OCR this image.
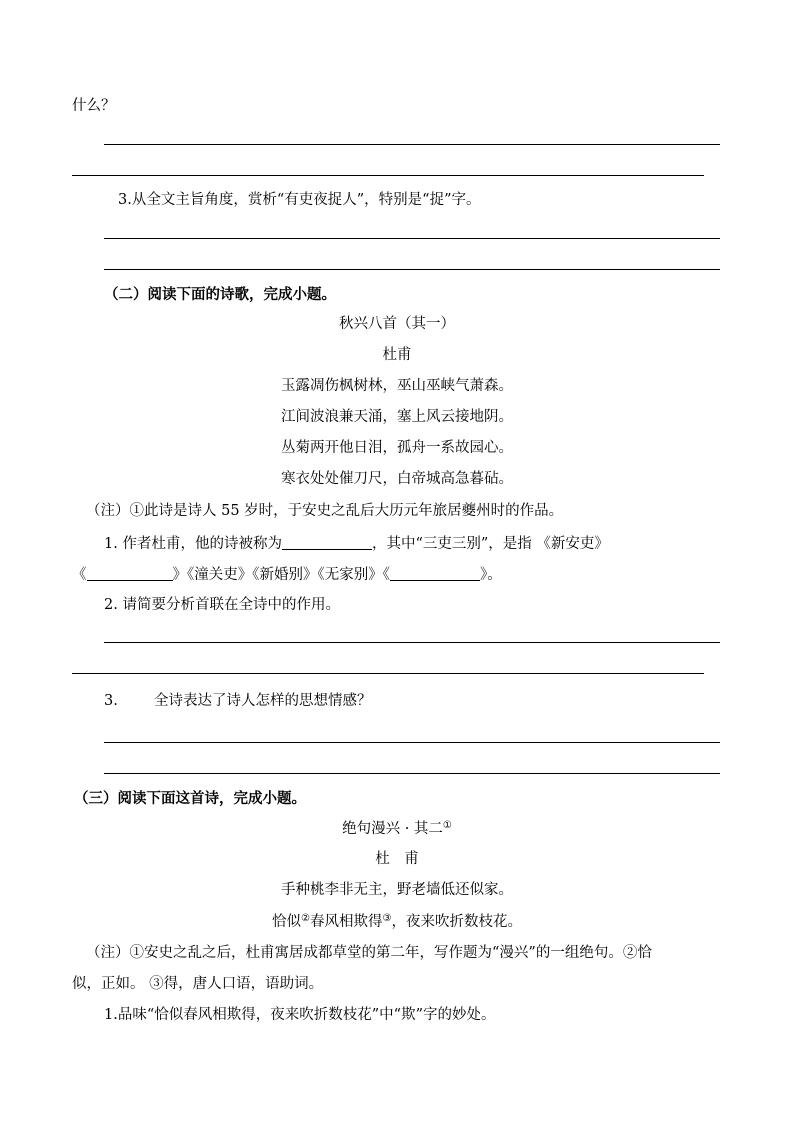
什么？
3.从全文主旨角度，赏析“有吏夜捉人”，特别是“捉”字。
（二）阅读下面的诗歌，完成小题。
秋兴八首（其一）
杜甫
玉露凋伤枫树林，巫山巫峡气萧森。
江间波浪兼天涌，塞上风云接地阴。
丛菊两开他日泪，孤舟一系故园心。
寒衣处处催刀尺，白帝城高急暮砧。
（注）①此诗是诗人 55 岁时，于安史之乱后大历元年旅居夔州时的作品。
1. 作者杜甫，他的诗被称为	，其中“三吏三别”，是指 《新安吏》
《	》《潼关吏》《新婚别》《无家别》《	》。
2. 请简要分析首联在全诗中的作用。
3. 全诗表达了诗人怎样的思想情感？
（三）阅读下面这首诗，完成小题。
绝句漫兴 · 其二①
杜　甫
手种桃李非无主，野老墙低还似家。
恰似②春风相欺得③，夜来吹折数枝花。
（注）①安史之乱之后，杜甫寓居成都草堂的第二年，写作题为“漫兴”的一组绝句。②恰
似，正如。 ③得，唐人口语，语助词。
1.品味“恰似春风相欺得，夜来吹折数枝花”中“欺”字的妙处。
